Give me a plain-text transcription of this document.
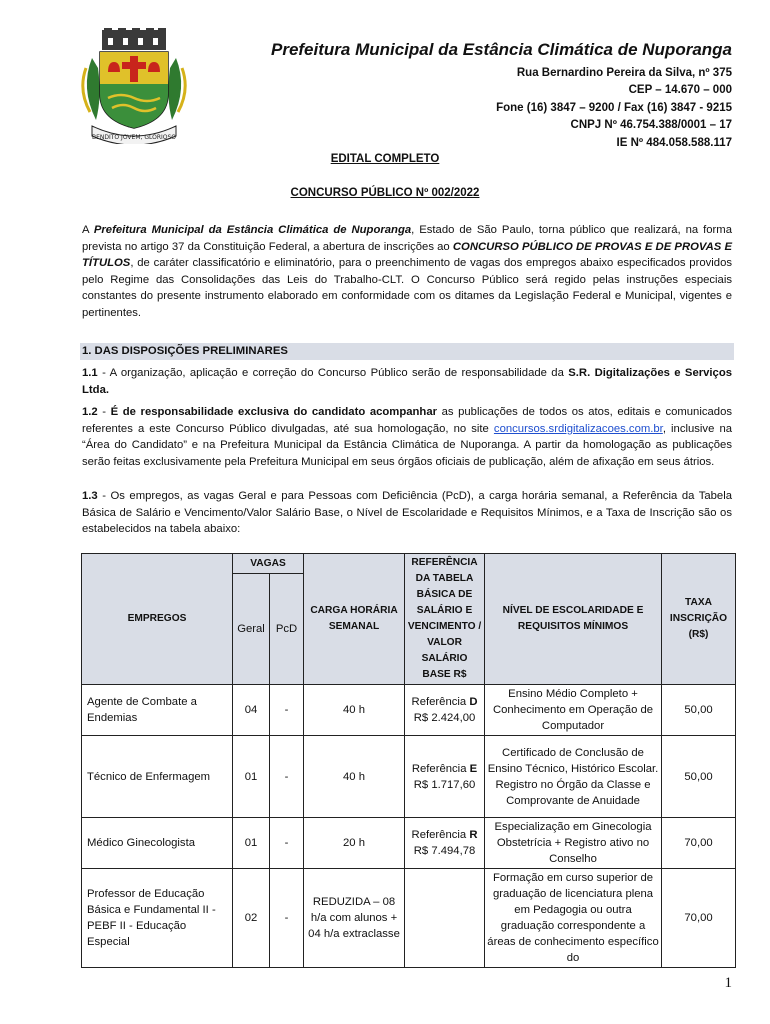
BENDITO JOVEM, GLORIOSO
Prefeitura Municipal da Estância Climática de Nuporanga
Rua Bernardino Pereira da Silva, nº 375
CEP – 14.670 – 000
Fone (16) 3847 – 9200 / Fax (16) 3847 - 9215
CNPJ Nº 46.754.388/0001 – 17
IE Nº 484.058.588.117
EDITAL COMPLETO
CONCURSO PÚBLICO Nº 002/2022
A Prefeitura Municipal da Estância Climática de Nuporanga, Estado de São Paulo, torna público que realizará, na forma prevista no artigo 37 da Constituição Federal, a abertura de inscrições ao CONCURSO PÚBLICO DE PROVAS E DE PROVAS E TÍTULOS, de caráter classificatório e eliminatório, para o preenchimento de vagas dos empregos abaixo especificados providos pelo Regime das Consolidações das Leis do Trabalho-CLT. O Concurso Público será regido pelas instruções especiais constantes do presente instrumento elaborado em conformidade com os ditames da Legislação Federal e Municipal, vigentes e pertinentes.
1. DAS DISPOSIÇÕES PRELIMINARES
1.1 - A organização, aplicação e correção do Concurso Público serão de responsabilidade da S.R. Digitalizações e Serviços Ltda.
1.2 - É de responsabilidade exclusiva do candidato acompanhar as publicações de todos os atos, editais e comunicados referentes a este Concurso Público divulgadas, até sua homologação, no site concursos.srdigitalizacoes.com.br, inclusive na “Área do Candidato” e na Prefeitura Municipal da Estância Climática de Nuporanga. A partir da homologação as publicações serão feitas exclusivamente pela Prefeitura Municipal em seus órgãos oficiais de publicação, além de afixação em seus átrios.
1.3 - Os empregos, as vagas Geral e para Pessoas com Deficiência (PcD), a carga horária semanal, a Referência da Tabela Básica de Salário e Vencimento/Valor Salário Base, o Nível de Escolaridade e Requisitos Mínimos, e a Taxa de Inscrição são os estabelecidos na tabela abaixo:
EMPREGOS	VAGAS		CARGA HORÁRIA SEMANAL	REFERÊNCIA DA TABELA BÁSICA DE SALÁRIO E VENCIMENTO / VALOR SALÁRIO BASE R$	NÍVEL DE ESCOLARIDADE E REQUISITOS MÍNIMOS	TAXA INSCRIÇÃO (R$)
	Geral	PcD				
Agente de Combate a Endemias	04	-	40 h	Referência D
R$ 2.424,00	Ensino Médio Completo + Conhecimento em Operação de Computador	50,00
Técnico de Enfermagem	01	-	40 h	Referência E
R$ 1.717,60	Certificado de Conclusão de Ensino Técnico, Histórico Escolar. Registro no Órgão da Classe e Comprovante de Anuidade	50,00
Médico Ginecologista	01	-	20 h	Referência R
R$ 7.494,78	Especialização em Ginecologia Obstetrícia + Registro ativo no Conselho	70,00
Professor de Educação Básica e Fundamental II - PEBF II - Educação Especial	02	-	REDUZIDA – 08 h/a com alunos + 04 h/a extraclasse		Formação em curso superior de graduação de licenciatura plena em Pedagogia ou outra graduação correspondente a áreas de conhecimento específico do	70,00
1
